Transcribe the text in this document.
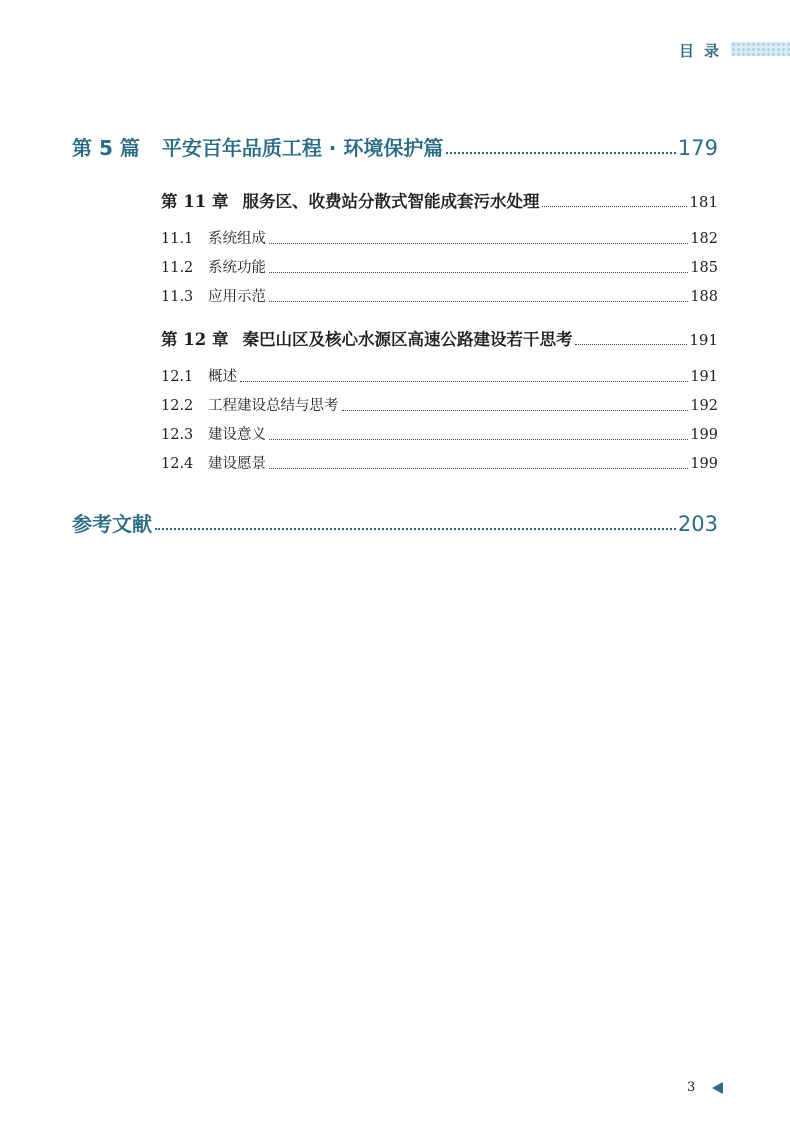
目录
第 5 篇 平安百年品质工程 · 环境保护篇	179
第 11 章 服务区、收费站分散式智能成套污水处理	181
11.1 系统组成	182
11.2 系统功能	185
11.3 应用示范	188
第 12 章 秦巴山区及核心水源区高速公路建设若干思考	191
12.1 概述	191
12.2 工程建设总结与思考	192
12.3 建设意义	199
12.4 建设愿景	199
参考文献	203
3
